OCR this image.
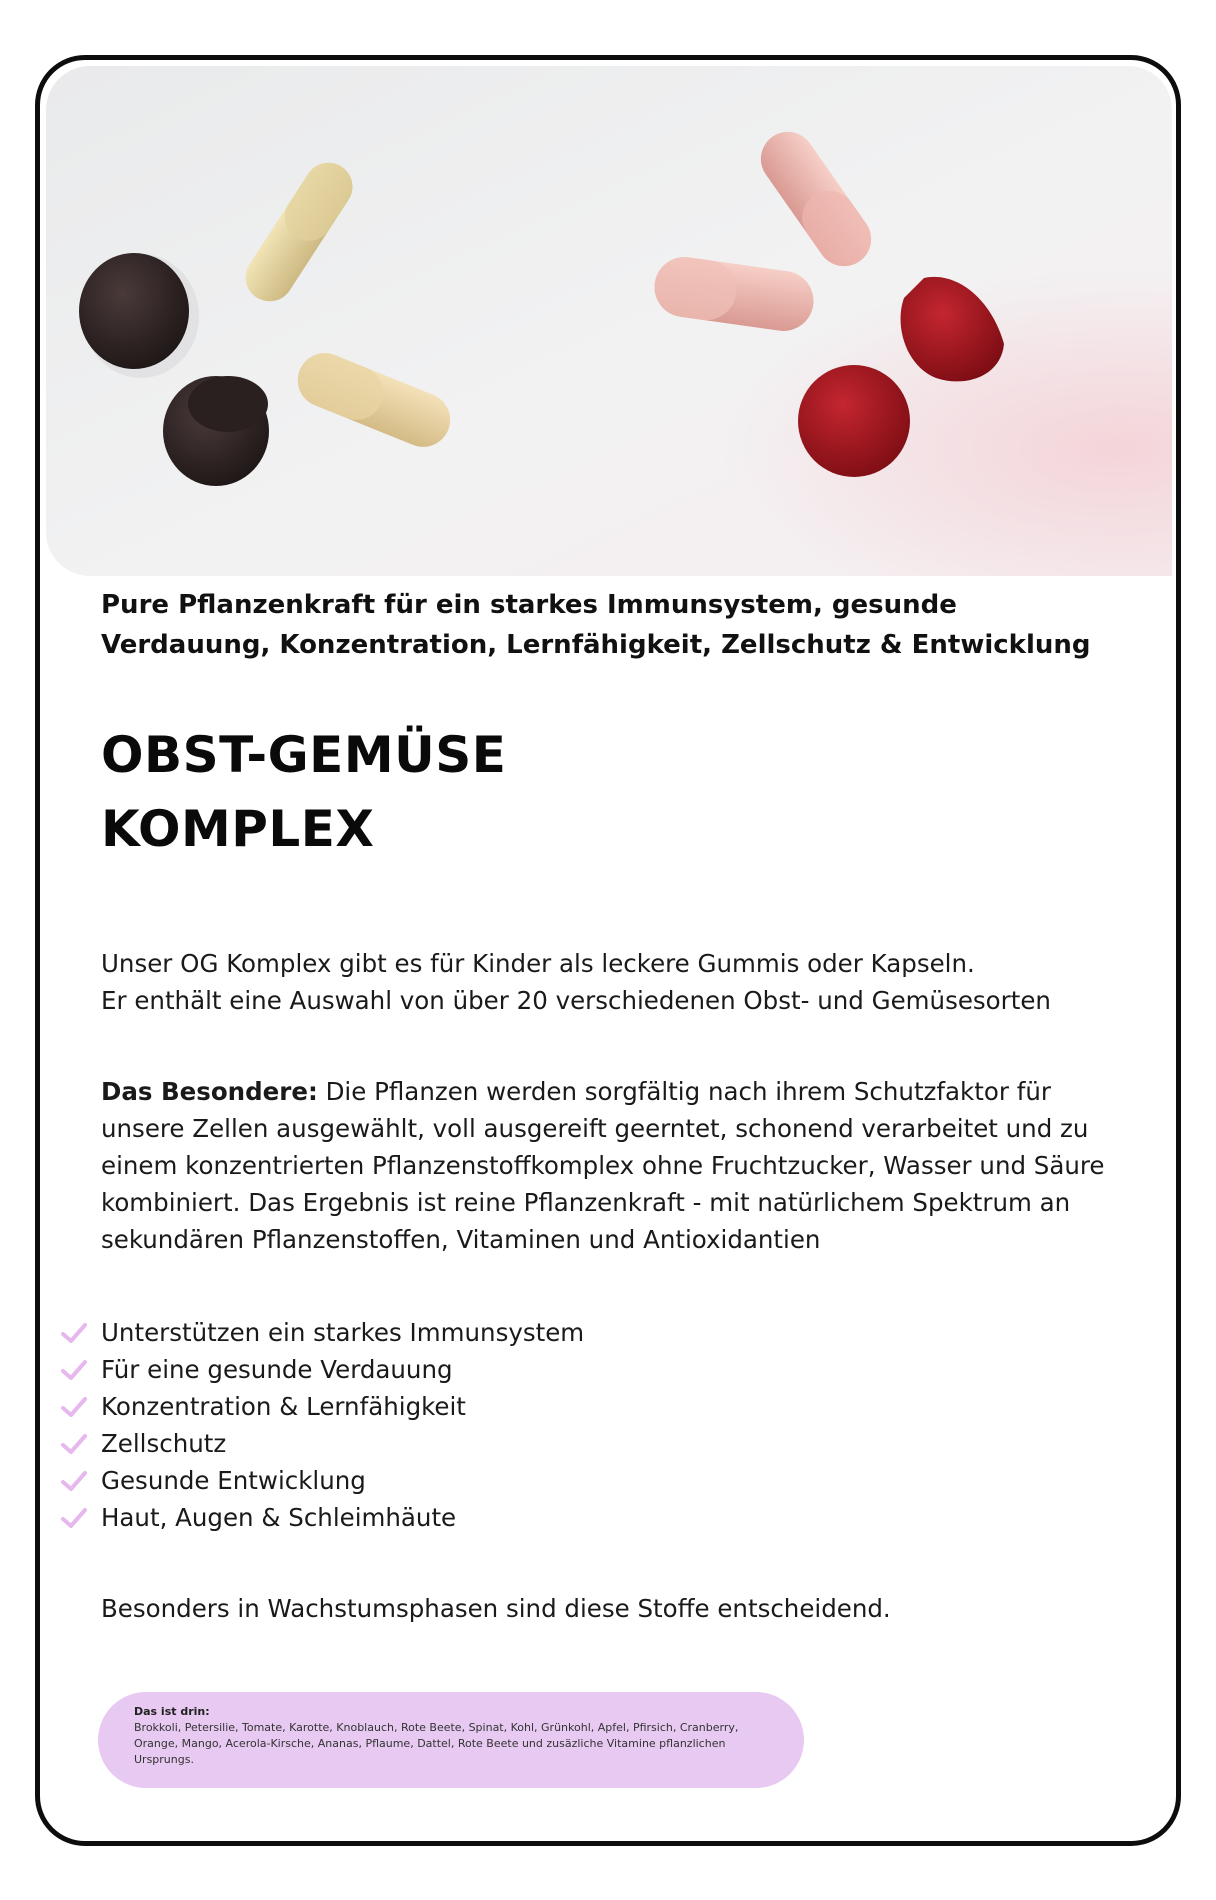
Pure Pflanzenkraft für ein starkes Immunsystem, gesunde Verdauung, Konzentration, Lernfähigkeit, Zellschutz & Entwicklung
OBST-GEMÜSE
KOMPLEX
Unser OG Komplex gibt es für Kinder als leckere Gummis oder Kapseln.
Er enthält eine Auswahl von über 20 verschiedenen Obst- und Gemüsesorten
Das Besondere: Die Pflanzen werden sorgfältig nach ihrem Schutzfaktor für unsere Zellen ausgewählt, voll ausgereift geerntet, schonend verarbeitet und zu einem konzentrierten Pflanzenstoffkomplex ohne Fruchtzucker, Wasser und Säure kombiniert. Das Ergebnis ist reine Pflanzenkraft - mit natürlichem Spektrum an sekundären Pflanzenstoffen, Vitaminen und Antioxidantien
Unterstützen ein starkes Immunsystem
Für eine gesunde Verdauung
Konzentration & Lernfähigkeit
Zellschutz
Gesunde Entwicklung
Haut, Augen & Schleimhäute
Besonders in Wachstumsphasen sind diese Stoffe entscheidend.
Das ist drin:
Brokkoli, Petersilie, Tomate, Karotte, Knoblauch, Rote Beete, Spinat, Kohl, Grünkohl, Apfel, Pfirsich, Cranberry, Orange, Mango, Acerola-Kirsche, Ananas, Pflaume, Dattel, Rote Beete und zusäzliche Vitamine pflanzlichen Ursprungs.
